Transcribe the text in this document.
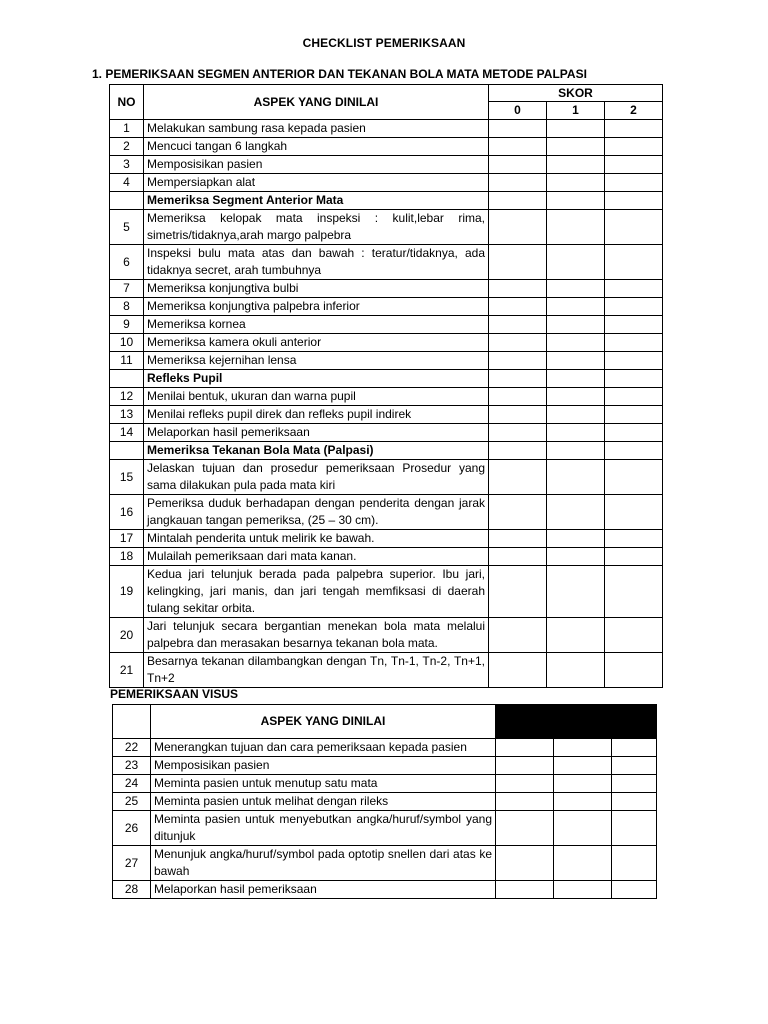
CHECKLIST PEMERIKSAAN
1. PEMERIKSAAN SEGMEN ANTERIOR DAN TEKANAN BOLA MATA METODE PALPASI
NO	ASPEK YANG DINILAI	SKOR		
		0	1	2
1	Melakukan sambung rasa kepada pasien			
2	Mencuci tangan 6 langkah			
3	Memposisikan pasien			
4	Mempersiapkan alat			
	Memeriksa Segment Anterior Mata			
5	Memeriksa kelopak mata inspeksi : kulit,lebar rima, simetris/tidaknya,arah margo palpebra			
6	Inspeksi bulu mata atas dan bawah : teratur/tidaknya, ada tidaknya secret, arah tumbuhnya			
7	Memeriksa konjungtiva bulbi			
8	Memeriksa konjungtiva palpebra inferior			
9	Memeriksa kornea			
10	Memeriksa kamera okuli anterior			
11	Memeriksa kejernihan lensa			
	Refleks Pupil			
12	Menilai bentuk, ukuran dan warna pupil			
13	Menilai refleks pupil direk dan refleks pupil indirek			
14	Melaporkan hasil pemeriksaan			
	Memeriksa Tekanan Bola Mata (Palpasi)			
15	Jelaskan tujuan dan prosedur pemeriksaan Prosedur yang sama dilakukan pula pada mata kiri			
16	Pemeriksa duduk berhadapan dengan penderita dengan jarak jangkauan tangan pemeriksa, (25 – 30 cm).			
17	Mintalah penderita untuk melirik ke bawah.			
18	Mulailah pemeriksaan dari mata kanan.			
19	Kedua jari telunjuk berada pada palpebra superior. Ibu jari, kelingking, jari manis, dan jari tengah memfiksasi di daerah tulang sekitar orbita.			
20	Jari telunjuk secara bergantian menekan bola mata melalui palpebra dan merasakan besarnya tekanan bola mata.			
21	Besarnya tekanan dilambangkan dengan Tn, Tn-1, Tn-2, Tn+1, Tn+2			
PEMERIKSAAN VISUS
	ASPEK YANG DINILAI			
22	Menerangkan tujuan dan cara pemeriksaan kepada pasien			
23	Memposisikan pasien			
24	Meminta pasien untuk menutup satu mata			
25	Meminta pasien untuk melihat dengan rileks			
26	Meminta pasien untuk menyebutkan angka/huruf/symbol yang ditunjuk			
27	Menunjuk angka/huruf/symbol pada optotip snellen dari atas ke bawah			
28	Melaporkan hasil pemeriksaan			
